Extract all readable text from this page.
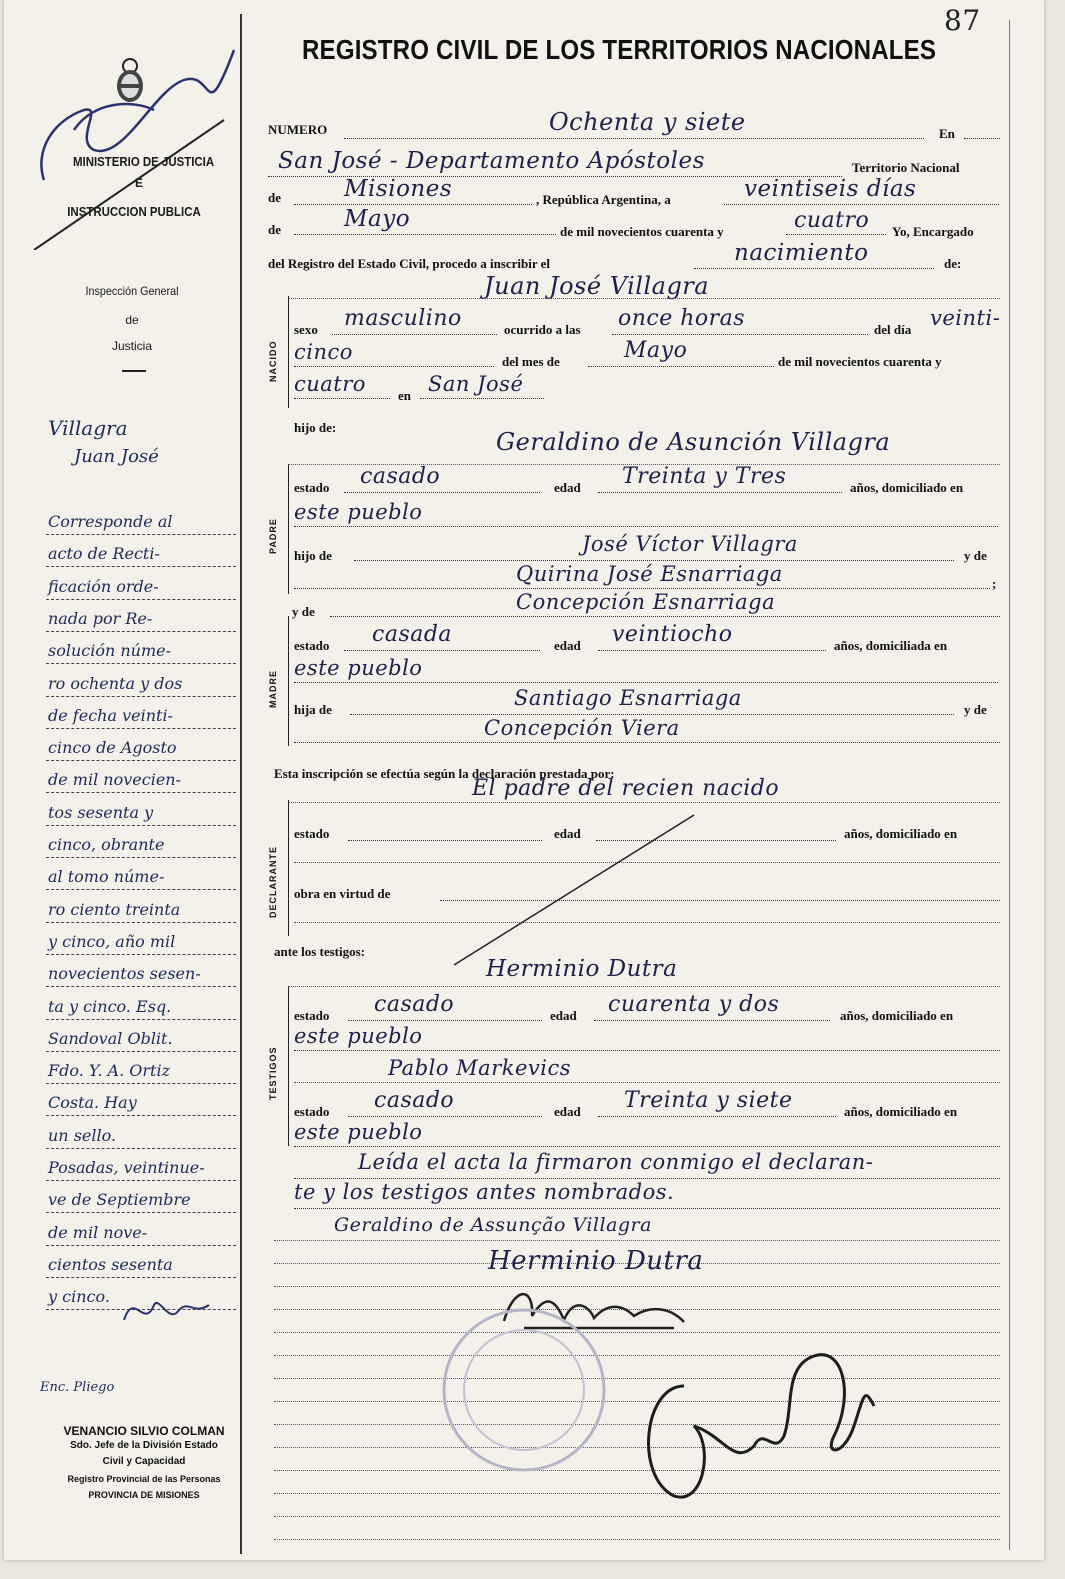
87
REGISTRO CIVIL DE LOS TERRITORIOS NACIONALES
MINISTERIO DE JUSTICIA
E
INSTRUCCION PUBLICA
Inspección General
de
Justicia
Villagra
Juan José
Corresponde al
acto de Recti-
ficación orde-
nada por Re-
solución núme-
ro ochenta y dos
de fecha veinti-
cinco de Agosto
de mil novecien-
tos sesenta y
cinco, obrante
al tomo núme-
ro ciento treinta
y cinco, año mil
novecientos sesen-
ta y cinco. Esq.
Sandoval Oblit.
Fdo. Y. A. Ortiz
Costa. Hay
un sello.
Posadas, veintinue-
ve de Septiembre
de mil nove-
cientos sesenta
y cinco.
Enc. Pliego
VENANCIO SILVIO COLMAN
Sdo. Jefe de la División Estado
Civil y Capacidad
Registro Provincial de las Personas
PROVINCIA DE MISIONES
NUMERO	Ochenta y siete	En
San José - Departamento Apóstoles	Territorio Nacional
de	Misiones	, República Argentina, a	veintiseis días
de	Mayo	de mil novecientos cuarenta y	cuatro Yo, Encargado
del Registro del Estado Civil, procedo a inscribir el	nacimiento	de:
Juan José Villagra
NACIDO
sexo masculino	ocurrido a las once horas	del día veinti-
cinco	del mes de	Mayo	de mil novecientos cuarenta y
cuatro en San José
hijo de:
Geraldino de Asunción Villagra
PADRE
estado casado	edad Treinta y Tres	años, domiciliado en
este pueblo
hijo de	José Víctor Villagra	y de
Quirina José Esnarriaga	;
y de	Concepción Esnarriaga
MADRE
estado casada	edad veintiocho	años, domiciliada en
este pueblo
hija de	Santiago Esnarriaga	y de
Concepción Viera
Esta inscripción se efectúa según la declaración prestada por:
El padre del recien nacido
DECLARANTE
estado	edad	años, domiciliado en
obra en virtud de
ante los testigos:
Herminio Dutra
TESTIGOS
estado casado	edad cuarenta y dos	años, domiciliado en
este pueblo
Pablo Markevics
estado casado	edad Treinta y siete	años, domiciliado en
este pueblo
Leída el acta la firmaron conmigo el declaran-
te y los testigos antes nombrados.
Geraldino de Assunção Villagra
Herminio Dutra
